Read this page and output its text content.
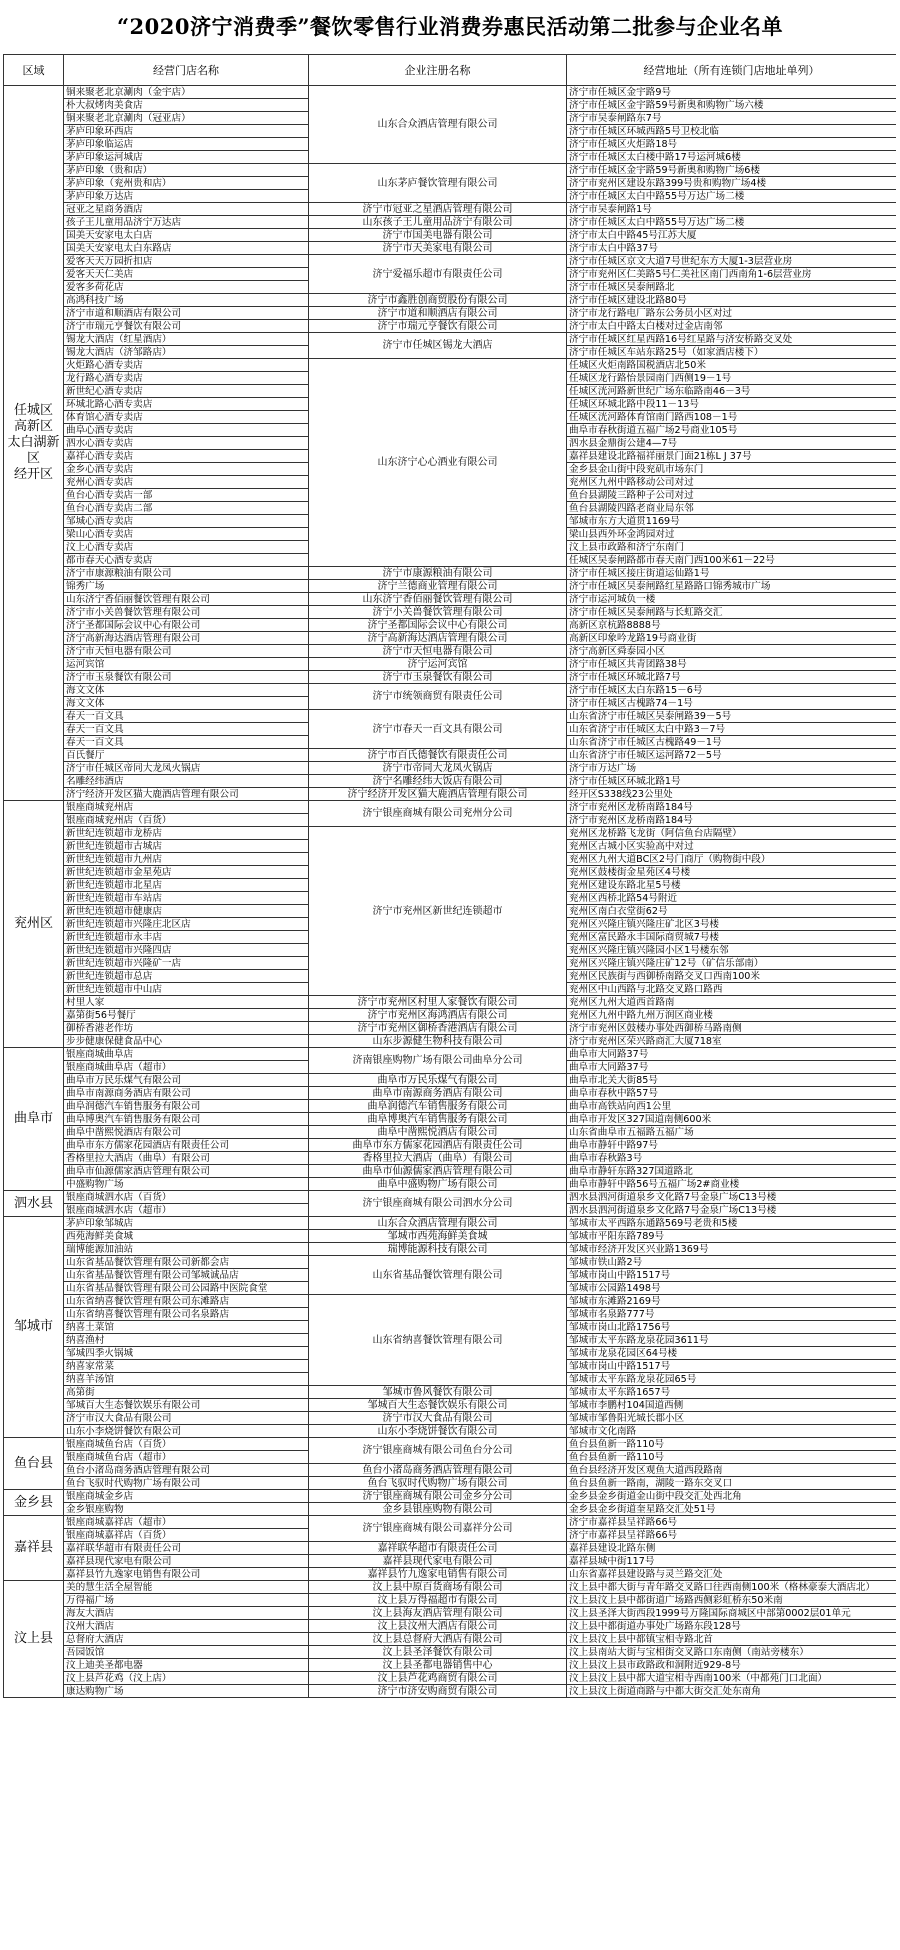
“2020济宁消费季”餐饮零售行业消费券惠民活动第二批参与企业名单
区域	经营门店名称	企业注册名称	经营地址（所有连锁门店地址单列）
任城区
高新区
太白湖新区
经开区	铜来聚老北京涮肉（金宇店）	山东合众酒店管理有限公司	济宁市任城区金宇路9号
	朴大叔烤肉美食店		济宁市任城区金宇路59号新奥和购物广场六楼
	铜来聚老北京涮肉（冠亚店）		济宁市吴泰闸路东7号
	茅庐印象环西店		济宁市任城区环城西路5号卫校北临
	茅庐印象临运店		济宁市任城区火炬路18号
	茅庐印象运河城店		济宁市任城区太白楼中路17号运河城6楼
	茅庐印象（贵和店）	山东茅庐餐饮管理有限公司	济宁市任城区金宇路59号新奥和购物广场6楼
	茅庐印象（兖州贵和店）		济宁市兖州区建设东路399号贵和购物广场4楼
	茅庐印象万达店		济宁市任城区太白中路55号万达广场二楼
	冠亚之星商务酒店	济宁市冠亚之星酒店管理有限公司	济宁市吴泰闸路1号
	孩子王儿童用品济宁万达店	山东孩子王儿童用品济宁有限公司	济宁市任城区太白中路55号万达广场二楼
	国美天安家电太白店	济宁市国美电器有限公司	济宁市太白中路45号江苏大厦
	国美天安家电太白东路店	济宁市天美家电有限公司	济宁市太白中路37号
	爱客天天万园折扣店	济宁爱福乐超市有限责任公司	济宁市任城区京文大道7号世纪东方大厦1-3层营业房
	爱客天天仁美店		济宁市兖州区仁美路5号仁美社区南门西南角1-6层营业房
	爱客多荷花店		济宁市任城区吴泰闸路北
	高鸿科技广场	济宁市鑫胜创商贸股份有限公司	济宁市任城区建设北路80号
	济宁市道和顺酒店有限公司	济宁市道和顺酒店有限公司	济宁市龙行路电厂路东公务员小区对过
	济宁市瑞元亨餐饮有限公司	济宁市瑞元亨餐饮有限公司	济宁市太白中路太白楼对过金店南邻
	锡龙大酒店（红星酒店）	济宁市任城区锡龙大酒店	济宁市任城区红星西路16号红星路与济安桥路交叉处
	锡龙大酒店（济邹路店）		济宁市任城区车站东路25号（如家酒店楼下）
	火炬路心酒专卖店	山东济宁心心酒业有限公司	任城区火炬南路国税酒店北50米
	龙行路心酒专卖店		任城区龙行路怡景园南门西侧19－1号
	新世纪心酒专卖店		任城区洸河路新世纪广场东临路南46－3号
	环城北路心酒专卖店		任城区环城北路中段11－13号
	体育馆心酒专卖店		任城区洸河路体育馆南门路西108－1号
	曲阜心酒专卖店		曲阜市春秋街道五福广场2号商业105号
	泗水心酒专卖店		泗水县金鼎街公建4—7号
	嘉祥心酒专卖店		嘉祥县建设北路福祥丽景门面21栋L J 37号
	金乡心酒专卖店		金乡县金山街中段兖矶市场东门
	兖州心酒专卖店		兖州区九州中路移动公司对过
	鱼台心酒专卖店一部		鱼台县湖陵三路种子公司对过
	鱼台心酒专卖店二部		鱼台县湖陵四路老商业局东邻
	邹城心酒专卖店		邹城市东方大道贯1169号
	梁山心酒专卖店		梁山县西外环金鸿园对过
	汶上心酒专卖店		汶上县市政路和济宁东南门
	都市春天心酒专卖店		任城区吴泰闸路都市春天南门西100米61－22号
	济宁市康源粮油有限公司	济宁市康源粮油有限公司	济宁市任城区接庄街道运仙路1号
	锦秀广场	济宁兰德商业管理有限公司	济宁市任城区吴泰闸路红星路路口锦秀城市广场
	山东济宁香佰丽餐饮管理有限公司	山东济宁香佰丽餐饮管理有限公司	济宁市运河城负一楼
	济宁市小关兽餐饮管理有限公司	济宁小关兽餐饮管理有限公司	济宁市任城区吴泰闸路与长虹路交汇
	济宁圣都国际会议中心有限公司	济宁圣都国际会议中心有限公司	高新区京杭路8888号
	济宁高新海达酒店管理有限公司	济宁高新海达酒店管理有限公司	高新区印象吟龙路19号商业街
	济宁市天恒电器有限公司	济宁市天恒电器有限公司	济宁高新区舜泰园小区
	运河宾馆	济宁运河宾馆	济宁市任城区共青团路38号
	济宁市玉泉餐饮有限公司	济宁市玉泉餐饮有限公司	济宁市任城区环城北路7号
	海文文体	济宁市统领商贸有限责任公司	济宁市任城区太白东路15－6号
	海文文体		济宁市任城区古槐路74－1号
	春天一百文具	济宁市春天一百文具有限公司	山东省济宁市任城区吴泰闸路39－5号
	春天一百文具		山东省济宁市任城区太白中路3－7号
	春天一百文具		山东省济宁市任城区古槐路49－1号
	百氏餐厅	济宁市百氏德餐饮有限责任公司	山东省济宁市任城区运河路72－5号
	济宁市任城区帝同大龙凤火锅店	济宁市帝同大龙凤火锅店	济宁市万达广场
	名雕经纬酒店	济宁名雕经纬大饭店有限公司	济宁市任城区环城北路1号
	济宁经济开发区猫大鹿酒店管理有限公司	济宁经济开发区猫大鹿酒店管理有限公司	经开区S338线23公里处
兖州区	银座商城兖州店	济宁银座商城有限公司兖州分公司	济宁市兖州区龙桥南路184号
	银座商城兖州店（百货）		济宁市兖州区龙桥南路184号
	新世纪连锁超市龙桥店	济宁市兖州区新世纪连锁超市	兖州区龙桥路飞龙街（阿信鱼台店隔壁）
	新世纪连锁超市古城店		兖州区古城小区实验高中对过
	新世纪连锁超市九州店		兖州区九州大道BC区2号门商厅（购物街中段）
	新世纪连锁超市金星苑店		兖州区鼓楼街金星苑区4号楼
	新世纪连锁超市北星店		兖州区建设东路北星5号楼
	新世纪连锁超市车站店		兖州区西桥北路54号附近
	新世纪连锁超市健康店		兖州区南白衣堂街62号
	新世纪连锁超市兴隆庄北区店		兖州区兴隆庄镇兴隆庄矿北区3号楼
	新世纪连锁超市永丰店		兖州区富民路永丰国际商贸城7号楼
	新世纪连锁超市兴隆四店		兖州区兴隆庄镇兴隆园小区1号楼东邻
	新世纪连锁超市兴隆矿一店		兖州区兴隆庄镇兴隆庄矿12号（矿信乐部南）
	新世纪连锁超市总店		兖州区民族街与西御桥南路交叉口西南100米
	新世纪连锁超市中山店		兖州区中山西路与北路交叉路口路西
	村里人家	济宁市兖州区村里人家餐饮有限公司	兖州区九州大道西首路南
	嘉第街56号餐厅	济宁市兖州区海鸿酒店有限公司	兖州区九州中路九州万润区商业楼
	御桥香港老作坊	济宁市兖州区御桥香港酒店有限公司	济宁市兖州区鼓楼办事处西御桥马路南侧
	步步健康保健食品中心	山东步源健生物科技有限公司	济宁市兖州区荣兴路商汇大厦718室
曲阜市	银座商城曲阜店	济南银座购物广场有限公司曲阜分公司	曲阜市大同路37号
	银座商城曲阜店（超市）		曲阜市大同路37号
	曲阜市万民乐煤气有限公司	曲阜市万民乐煤气有限公司	曲阜市北关大街85号
	曲阜市南源商务酒店有限公司	曲阜市南源商务酒店有限公司	曲阜市春秋中路57号
	曲阜润德汽车销售服务有限公司	曲阜润德汽车销售服务有限公司	曲阜市高铁站向西1公里
	曲阜博奥汽车销售服务有限公司	曲阜博奥汽车销售服务有限公司	曲阜市开发区327国道南侧600米
	曲阜中凿熙悦酒店有限公司	曲阜中凿熙悦酒店有限公司	山东省曲阜市五福路五福广场
	曲阜市东方儒家花园酒店有限责任公司	曲阜市东方儒家花园酒店有限责任公司	曲阜市静轩中路97号
	香格里拉大酒店（曲阜）有限公司	香格里拉大酒店（曲阜）有限公司	曲阜市春秋路3号
	曲阜市仙源儒家酒店管理有限公司	曲阜市仙源儒家酒店管理有限公司	曲阜市静轩东路327国道路北
	中盛购物广场	曲阜中盛购物广场有限公司	曲阜市静轩中路56号五福广场2#商业楼
泗水县	银座商城泗水店（百货）	济宁银座商城有限公司泗水分公司	泗水县泗河街道泉乡文化路7号金泉广场C13号楼
	银座商城泗水店（超市）		泗水县泗河街道泉乡文化路7号金泉广场C13号楼
邹城市	茅庐印象邹城店	山东合众酒店管理有限公司	邹城市太平西路东通路569号老贵和5楼
	西苑海鲜美食城	邹城市西苑海鲜美食城	邹城市平阳东路789号
	瑞博能源加油站	瑞博能源科技有限公司	邹城市经济开发区兴业路1369号
	山东省基品餐饮管理有限公司新都会店	山东省基品餐饮管理有限公司	邹城市铁山路2号
	山东省基品餐饮管理有限公司邹城诚品店		邹城市岗山中路1517号
	山东省基品餐饮管理有限公司公园路中医院食堂		邹城市公园路1498号
	山东省纳喜餐饮管理有限公司东滩路店	山东省纳喜餐饮管理有限公司	邹城市东滩路2169号
	山东省纳喜餐饮管理有限公司名泉路店		邹城市名泉路777号
	纳喜土菜馆		邹城市岗山北路1756号
	纳喜渔村		邹城市太平东路龙泉花园3611号
	邹城四季火锅城		邹城市龙泉花园区64号楼
	纳喜家常菜		邹城市岗山中路1517号
	纳喜羊汤馆		邹城市太平东路龙泉花园65号
	高第街	邹城市鲁风餐饮有限公司	邹城市太平东路1657号
	邹城百大生态餐饮娱乐有限公司	邹城百大生态餐饮娱乐有限公司	邹城市李鹏村104国道西侧
	济宁市汉大食品有限公司	济宁市汉大食品有限公司	邹城市邹鲁阳光城长郡小区
	山东小李烧饼餐饮有限公司	山东小李烧饼餐饮有限公司	邹城市文化南路
鱼台县	银座商城鱼台店（百货）	济宁银座商城有限公司鱼台分公司	鱼台县鱼新一路110号
	银座商城鱼台店（超市）		鱼台县鱼新一路110号
	鱼台小渚岛商务酒店管理有限公司	鱼台小渚岛商务酒店管理有限公司	鱼台县经济开发区观鱼大道西段路南
	鱼台飞驭时代购物广场有限公司	鱼台飞驭时代购物广场有限公司	鱼台县鱼新一路南，湖陵一路东交叉口
金乡县	银座商城金乡店	济宁银座商城有限公司金乡分公司	金乡县金乡街道金山街中段交汇处西北角
	金乡银座购物	金乡县银座购物有限公司	金乡县金乡街道奎星路交汇处51号
嘉祥县	银座商城嘉祥店（超市）	济宁银座商城有限公司嘉祥分公司	济宁市嘉祥县呈祥路66号
	银座商城嘉祥店（百货）		济宁市嘉祥县呈祥路66号
	嘉祥联华超市有限责任公司	嘉祥联华超市有限责任公司	嘉祥县建设北路东侧
	嘉祥县现代家电有限公司	嘉祥县现代家电有限公司	嘉祥县城中街117号
	嘉祥县竹九逸家电销售有限公司	嘉祥县竹九逸家电销售有限公司	山东省嘉祥县建设路与灵兰路交汇处
汶上县	美的慧生活全屋智能	汶上县中原百货商场有限公司	汶上县中都大街与青年路交叉路口往西南侧100米（格林豪泰大酒店北）
	万得福广场	汶上县万得福超市有限公司	汶上县汶上县中都街道广场路西侧彩虹桥东50米南
	海友大酒店	汶上县海友酒店管理有限公司	汶上县圣泽大街西段1999号万隆国际商城区中部第0002层01单元
	汶州大酒店	汶上县汶州大酒店有限公司	汶上县中都街道办事处广场路东段128号
	总督府大酒店	汶上县总督府大酒店有限公司	汶上县汶上县中都镇宝相寺路北首
	吾园饭馆	汶上县圣泽餐饮有限公司	汶上县南站大街与宝相街交叉路口东南侧（南站旁楼东）
	汶上迪美圣都电器	汶上县圣都电器销售中心	汶上县汶上县市政路政和洞附近929-8号
	汶上县芦花鸡（汶上店）	汶上县芦花鸡商贸有限公司	汶上县汶上县中都大道宝相寺西南100米（中都苑门口北面）
	康达购物广场	济宁市济安购商贸有限公司	汶上县汶上街道商路与中都大街交汇处东南角
